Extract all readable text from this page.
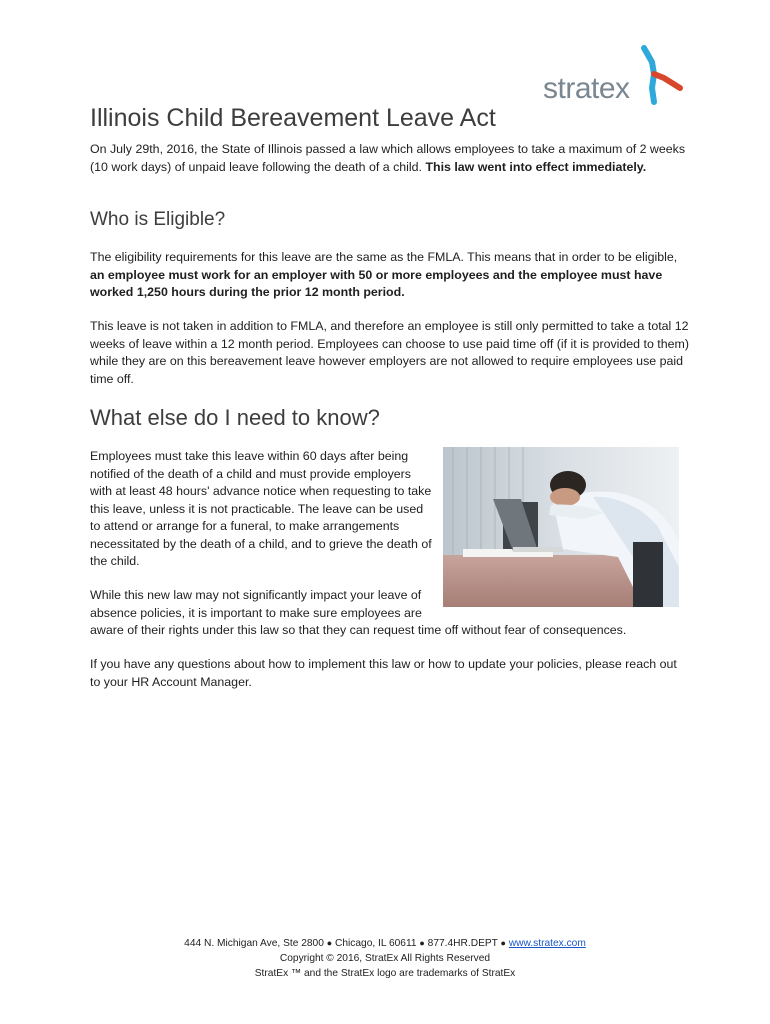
stratex
Illinois Child Bereavement Leave Act

On July 29th, 2016, the State of Illinois passed a law which allows employees to take a maximum of 2 weeks (10 work days) of unpaid leave following the death of a child. This law went into effect immediately.

Who is Eligible?

The eligibility requirements for this leave are the same as the FMLA. This means that in order to be eligible, an employee must work for an employer with 50 or more employees and the employee must have worked 1,250 hours during the prior 12 month period.

This leave is not taken in addition to FMLA, and therefore an employee is still only permitted to take a total 12 weeks of leave within a 12 month period. Employees can choose to use paid time off (if it is provided to them) while they are on this bereavement leave however employers are not allowed to require employees use paid time off.

What else do I need to know?

Employees must take this leave within 60 days after being notified of the death of a child and must provide employers with at least 48 hours' advance notice when requesting to take this leave, unless it is not practicable. The leave can be used to attend or arrange for a funeral, to make arrangements necessitated by the death of a child, and to grieve the death of the child.

While this new law may not significantly impact your leave of
absence policies, it is important to make sure employees are
aware of their rights under this law so that they can request time off without fear of consequences.

If you have any questions about how to implement this law or how to update your policies, please reach out to your HR Account Manager.

444 N. Michigan Ave, Ste 2800 ● Chicago, IL 60611 ● 877.4HR.DEPT ● www.stratex.com
Copyright © 2016, StratEx All Rights Reserved
StratEx ™ and the StratEx logo are trademarks of StratEx
